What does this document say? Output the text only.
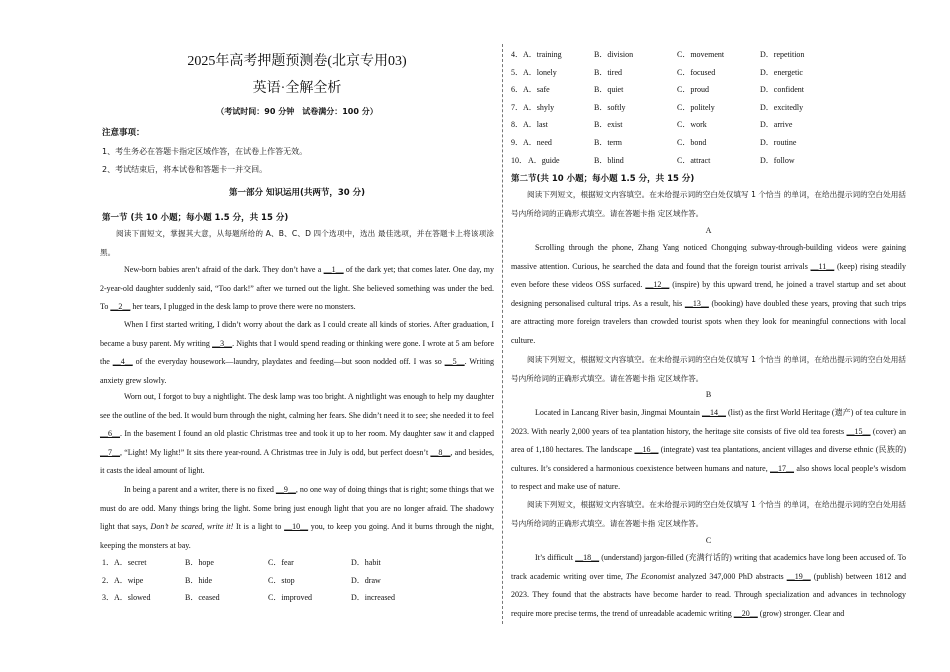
2025年高考押题预测卷(北京专用03)
英语·全解全析
（考试时间：90 分钟　试卷满分：100 分）
注意事项：
1、考生务必在答题卡指定区域作答，在试卷上作答无效。
2、考试结束后，将本试卷和答题卡一并交回。
第一部分 知识运用(共两节，30 分)
第一节 (共 10 小题；每小题 1.5 分，共 15 分)

阅读下面短文，掌握其大意，从每题所给的 A、B、C、D 四个选项中，选出 最佳选项，并在答题卡上将该项涂黑。

New-born babies aren’t afraid of the dark. They don’t have a __1__ of the dark yet; that comes later. One day, my 2-year-old daughter suddenly said, “Too dark!” after we turned out the light. She believed something was under the bed. To __2__ her tears, I plugged in the desk lamp to prove there were no monsters.

When I first started writing, I didn’t worry about the dark as I could create all kinds of stories. After graduation, I became a busy parent. My writing __3__. Nights that I would spend reading or thinking were gone. I wrote at 5 am before the __4__ of the everyday housework—laundry, playdates and feeding—but soon nodded off. I was so __5__. Writing anxiety grew slowly.

Worn out, I forgot to buy a nightlight. The desk lamp was too bright. A nightlight was enough to help my daughter see the outline of the bed. It would burn through the night, calming her fears. She didn’t need it to see; she needed it to feel __6__. In the basement I found an old plastic Christmas tree and took it up to her room. My daughter saw it and clapped __7__, “Light! My light!” It sits there year-round. A Christmas tree in July is odd, but perfect doesn’t __8__, and besides, it casts the ideal amount of light.

In being a parent and a writer, there is no fixed __9__, no one way of doing things that is right; some things that we must do are odd. Many things bring the light. Some bring just enough light that you are no longer afraid. The shadowy light that says, Don’t be scared, write it! It is a light to __10__ you, to keep you going. And it burns through the night, keeping the monsters at bay.

1． A．secret	B．hope	C．fear	D．habit
2． A．wipe	B．hide	C．stop	D．draw
3． A．slowed	B．ceased	C．improved	D．increased
4． A．training	B．division	C．movement	D．repetition
5． A．lonely	B．tired	C．focused	D．energetic
6． A．safe	B．quiet	C．proud	D．confident
7． A．shyly	B．softly	C．politely	D．excitedly
8． A．last	B．exist	C．work	D．arrive
9． A．need	B．term	C．bond	D．routine
10． A．guide	B．blind	C．attract	D．follow
第二节(共 10 小题；每小题 1.5 分，共 15 分)

阅读下列短文，根据短文内容填空。在未给提示词的空白处仅填写 1 个恰当 的单词，在给出提示词的空白处用括号内所给词的正确形式填空。请在答题卡指 定区域作答。

A

Scrolling through the phone, Zhang Yang noticed Chongqing subway-through-building videos were gaining massive attention. Curious, he searched the data and found that the foreign tourist arrivals __11__ (keep) rising steadily even before these videos OSS surfaced. __12__ (inspire) by this upward trend, he joined a travel startup and set about designing personalised cultural trips. As a result, his __13__ (booking) have doubled these years, proving that such trips are attracting more foreign travelers than crowded tourist spots when they look for meaningful connections with local culture.

阅读下列短文，根据短文内容填空。在未给提示词的空白处仅填写 1 个恰当 的单词，在给出提示词的空白处用括号内所给词的正确形式填空。请在答题卡指 定区域作答。

B

Located in Lancang River basin, Jingmai Mountain __14__ (list) as the first World Heritage (遗产) of tea culture in 2023. With nearly 2,000 years of tea plantation history, the heritage site consists of five old tea forests __15__ (cover) an area of 1,180 hectares. The landscape __16__ (integrate) vast tea plantations, ancient villages and diverse ethnic (民族的) cultures. It’s considered a harmonious coexistence between humans and nature, __17__ also shows local people’s wisdom to respect and make use of nature.

阅读下列短文，根据短文内容填空。在未给提示词的空白处仅填写 1 个恰当 的单词，在给出提示词的空白处用括号内所给词的正确形式填空。请在答题卡指 定区域作答。

C

It’s difficult __18__ (understand) jargon-filled (充满行话的) writing that academics have long been accused of. To track academic writing over time, The Economist analyzed 347,000 PhD abstracts __19__ (publish) between 1812 and 2023. They found that the abstracts have become harder to read. Through specialization and advances in technology require more precise terms, the trend of unreadable academic writing __20__ (grow) stronger. Clear and
